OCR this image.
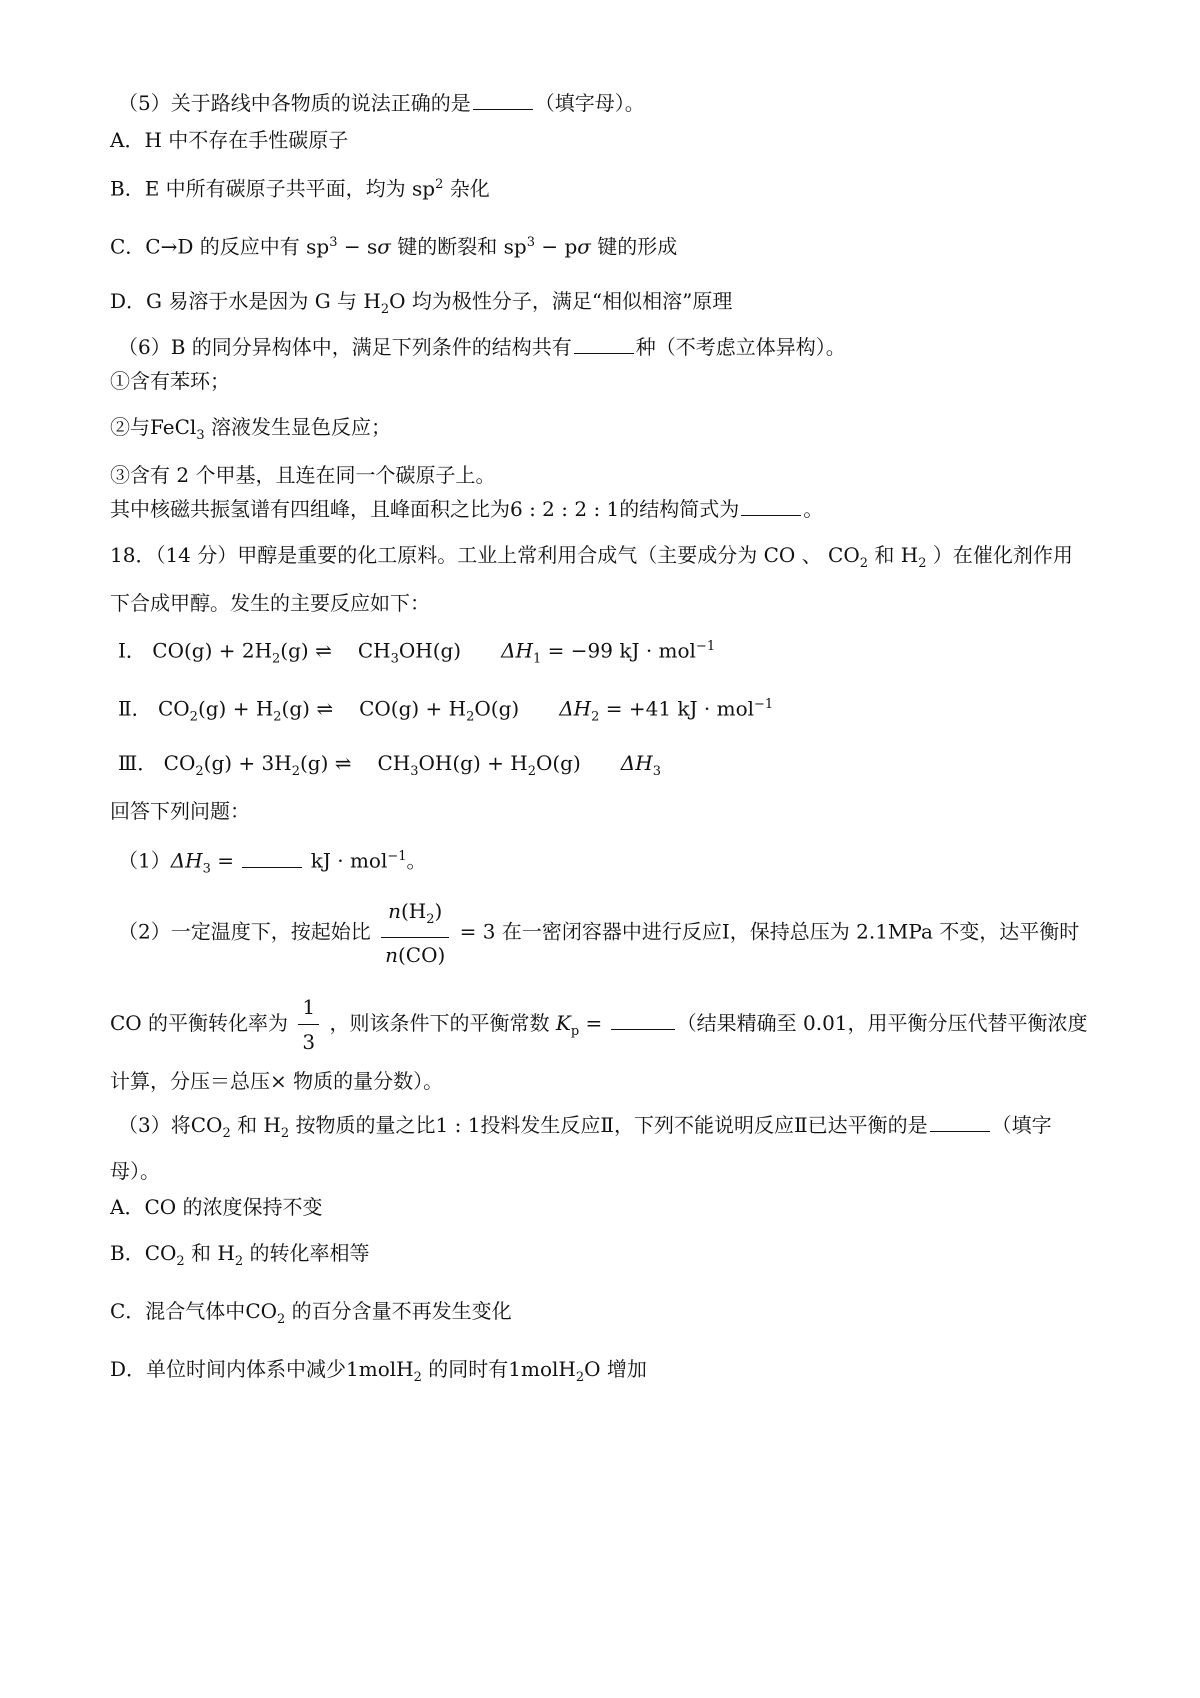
（5）关于路线中各物质的说法正确的是	（填字母）。
A．H 中不存在手性碳原子
B．E 中所有碳原子共平面，均为 $sp^2$ 杂化
C．C→D 的反应中有 $sp^3 - s\sigma$ 键的断裂和 $sp^3 - p\sigma$ 键的形成
D．G 易溶于水是因为 G 与 $H_2O$ 均为极性分子，满足“相似相溶”原理
（6）B 的同分异构体中，满足下列条件的结构共有	种（不考虑立体异构）。
①含有苯环；
②与FeCl$_3$ 溶液发生显色反应；
③含有 2 个甲基，且连在同一个碳原子上。
其中核磁共振氢谱有四组峰，且峰面积之比为6 : 2 : 2 : 1的结构简式为	。
18．（14 分）甲醇是重要的化工原料。工业上常利用合成气（主要成分为 CO 、 $CO_2$ 和 $H_2$ ）在催化剂作用
下合成甲醇。发生的主要反应如下：
Ⅰ． $CO(g) + 2H_2(g)$ ⇌ $CH_3OH(g) \Delta H_1 = -99$ kJ · mol$^{-1}$
Ⅱ． $CO_2(g) + H_2(g)$ ⇌ $CO(g) + H_2O(g) \Delta H_2 = +41$ kJ · mol$^{-1}$
Ⅲ． $CO_2(g) + 3H_2(g)$ ⇌ $CH_3OH(g) + H_2O(g)$ $\Delta H_3$
回答下列问题：
$(1)\Delta H_3$ =	kJ · mol$^{-1}$。
（2）一定温度下，按起始比 $\frac{n(H_2)}{n(CO)} = 3$ 在一密闭容器中进行反应Ⅰ，保持总压为 2.1MPa 不变，达平衡时
CO 的平衡转化率为 $\frac{1}{3}$ ，则该条件下的平衡常数 $K_p$ =	（结果精确至 0.01，用平衡分压代替平衡浓度
计算，分压＝总压× 物质的量分数）。
（3）将$CO_2$ 和 $H_2$ 按物质的量之比1 : 1投料发生反应Ⅱ，下列不能说明反应Ⅱ已达平衡的是	（填字
母）。
A．CO 的浓度保持不变
B．$CO_2$ 和 $H_2$ 的转化率相等
C．混合气体中$CO_2$ 的百分含量不再发生变化
D．单位时间内体系中减少1molH$_2$ 的同时有1molH$_2$O 增加
